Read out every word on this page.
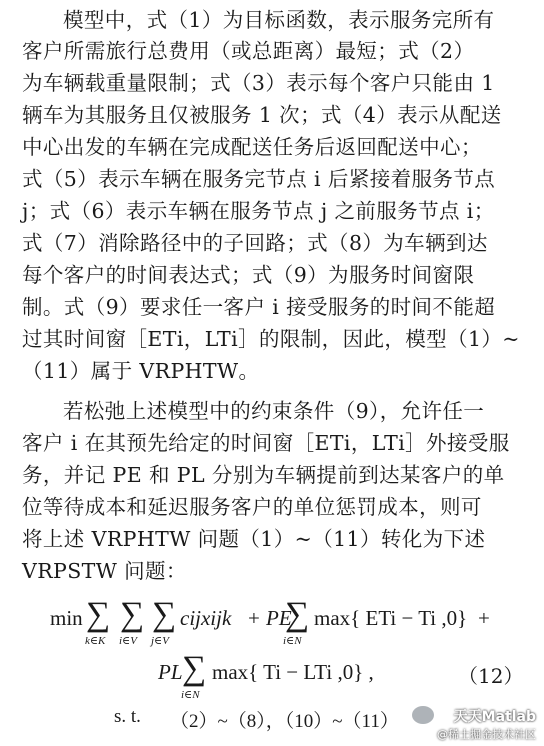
模型中，式（1）为目标函数，表示服务完所有
客户所需旅行总费用（或总距离）最短；式（2）
为车辆载重量限制；式（3）表示每个客户只能由 1
辆车为其服务且仅被服务 1 次；式（4）表示从配送
中心出发的车辆在完成配送任务后返回配送中心；
式（5）表示车辆在服务完节点 i 后紧接着服务节点
j；式（6）表示车辆在服务节点 j 之前服务节点 i；
式（7）消除路径中的子回路；式（8）为车辆到达
每个客户的时间表达式；式（9）为服务时间窗限
制。式（9）要求任一客户 i 接受服务的时间不能超
过其时间窗［ETi，LTi］的限制，因此，模型（1）~
（11）属于 VRPHTW。
若松弛上述模型中的约束条件（9），允许任一
客户 i 在其预先给定的时间窗［ETi，LTi］外接受服
务，并记 PE 和 PL 分别为车辆提前到达某客户的单
位等待成本和延迟服务客户的单位惩罚成本，则可
将上述 VRPHTW 问题（1）~（11）转化为下述
VRPSTW 问题：
min ∑
k∈K
∑
i∈V
∑
j∈V
cijxijk + PE
∑
i∈N
max{ ETi − Ti ,0} +
PL ∑
i∈N
max{ Ti − LTi ,0} ,	（12）
s. t. （2）~（8），（10）~（11）	天天Matlab
@稀土掘金技术社区
